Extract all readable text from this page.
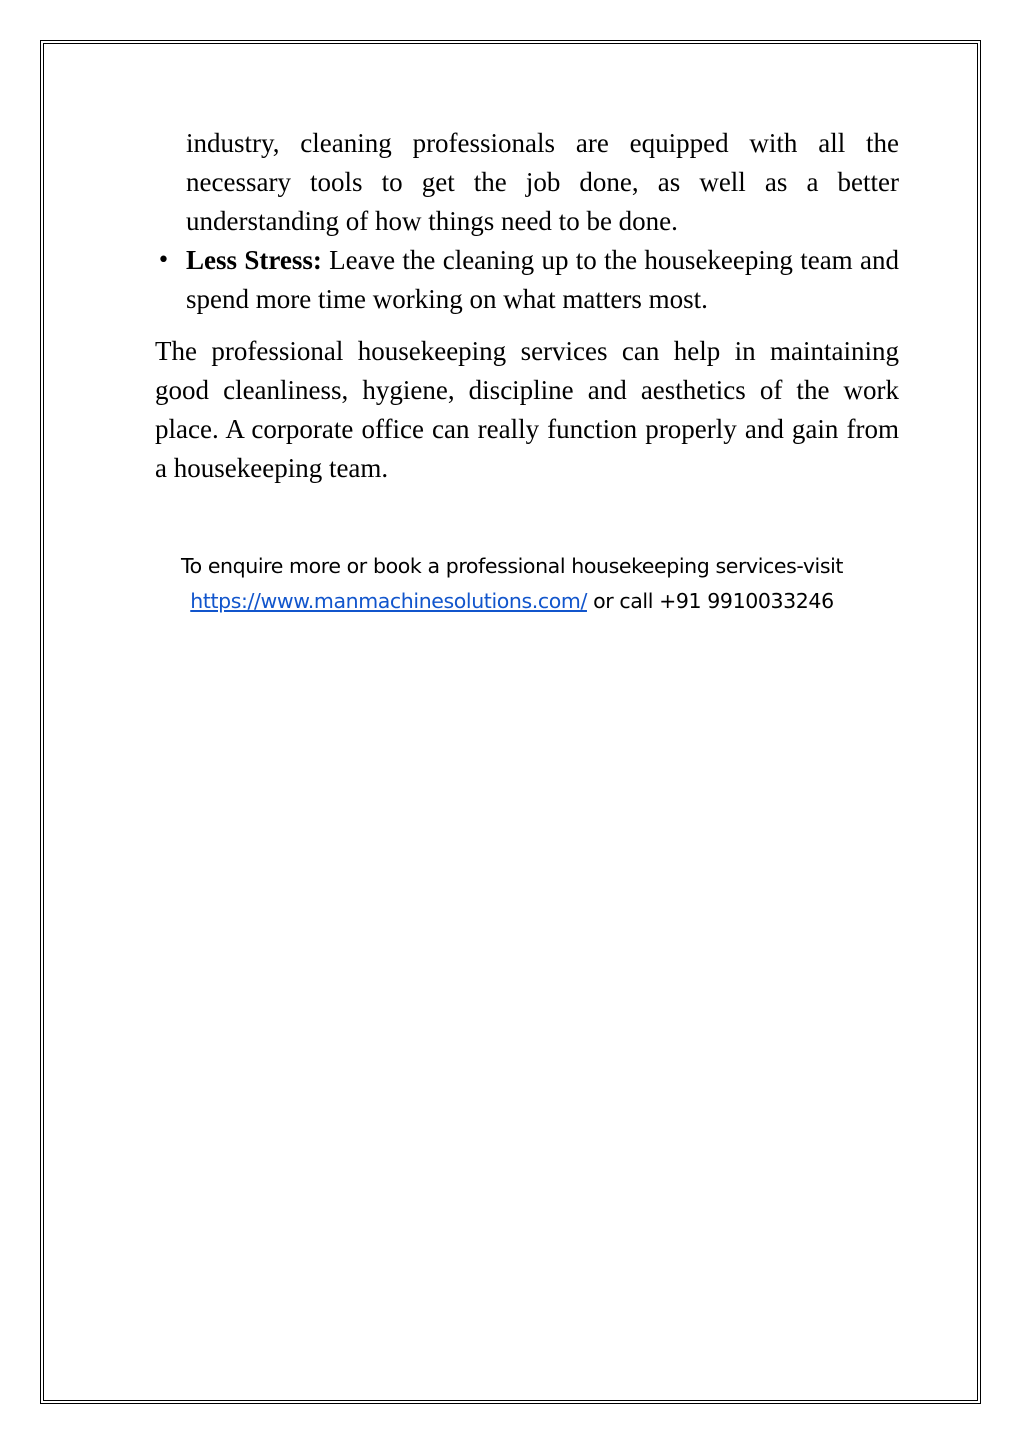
industry, cleaning professionals are equipped with all the necessary tools to get the job done, as well as a better understanding of how things need to be done.
• Less Stress: Leave the cleaning up to the housekeeping team and spend more time working on what matters most.
The professional housekeeping services can help in maintaining good cleanliness, hygiene, discipline and aesthetics of the work place. A corporate office can really function properly and gain from a housekeeping team.
To enquire more or book a professional housekeeping services-visit
https://www.manmachinesolutions.com/ or call +91 9910033246
